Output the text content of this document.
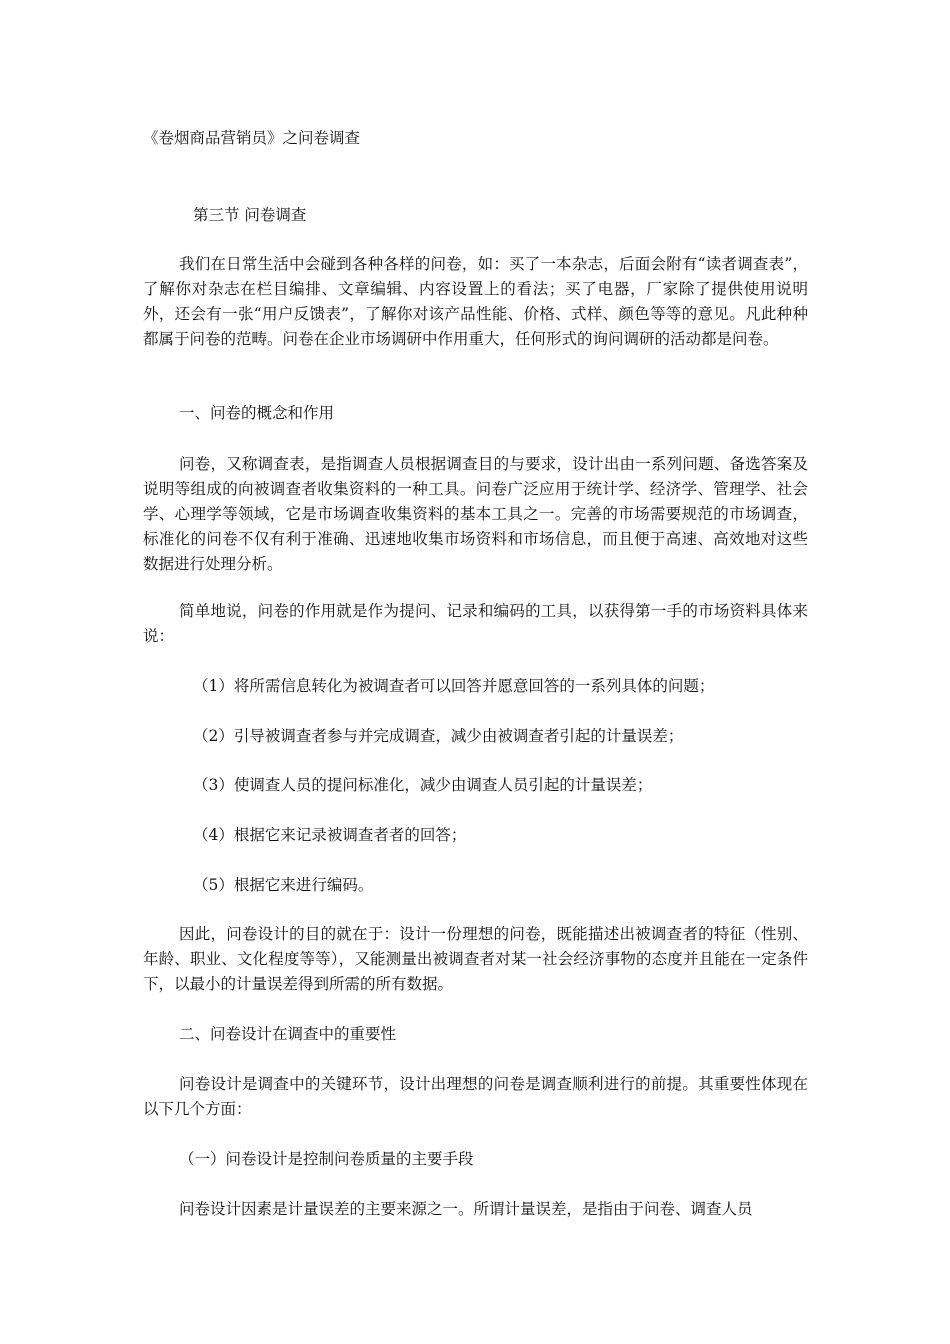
《卷烟商品营销员》之问卷调查

第三节 问卷调查

我们在日常生活中会碰到各种各样的问卷，如：买了一本杂志，后面会附有“读者调查表”，了解你对杂志在栏目编排、文章编辑、内容设置上的看法；买了电器，厂家除了提供使用说明外，还会有一张“用户反馈表”，了解你对该产品性能、价格、式样、颜色等等的意见。凡此种种都属于问卷的范畴。问卷在企业市场调研中作用重大，任何形式的询问调研的活动都是问卷。

一、问卷的概念和作用

问卷，又称调查表，是指调查人员根据调查目的与要求，设计出由一系列问题、备选答案及说明等组成的向被调查者收集资料的一种工具。问卷广泛应用于统计学、经济学、管理学、社会学、心理学等领域，它是市场调查收集资料的基本工具之一。完善的市场需要规范的市场调查，标准化的问卷不仅有利于准确、迅速地收集市场资料和市场信息，而且便于高速、高效地对这些数据进行处理分析。

简单地说，问卷的作用就是作为提问、记录和编码的工具，以获得第一手的市场资料具体来说：

（1）将所需信息转化为被调查者可以回答并愿意回答的一系列具体的问题；

（2）引导被调查者参与并完成调查，减少由被调查者引起的计量误差；

（3）使调查人员的提问标准化，减少由调查人员引起的计量误差；

（4）根据它来记录被调查者者的回答；

（5）根据它来进行编码。

因此，问卷设计的目的就在于：设计一份理想的问卷，既能描述出被调查者的特征（性别、年龄、职业、文化程度等等），又能测量出被调查者对某一社会经济事物的态度并且能在一定条件下，以最小的计量误差得到所需的所有数据。

二、问卷设计在调查中的重要性

问卷设计是调查中的关键环节，设计出理想的问卷是调查顺利进行的前提。其重要性体现在以下几个方面：

（一）问卷设计是控制问卷质量的主要手段

问卷设计因素是计量误差的主要来源之一。所谓计量误差，是指由于问卷、调查人员
